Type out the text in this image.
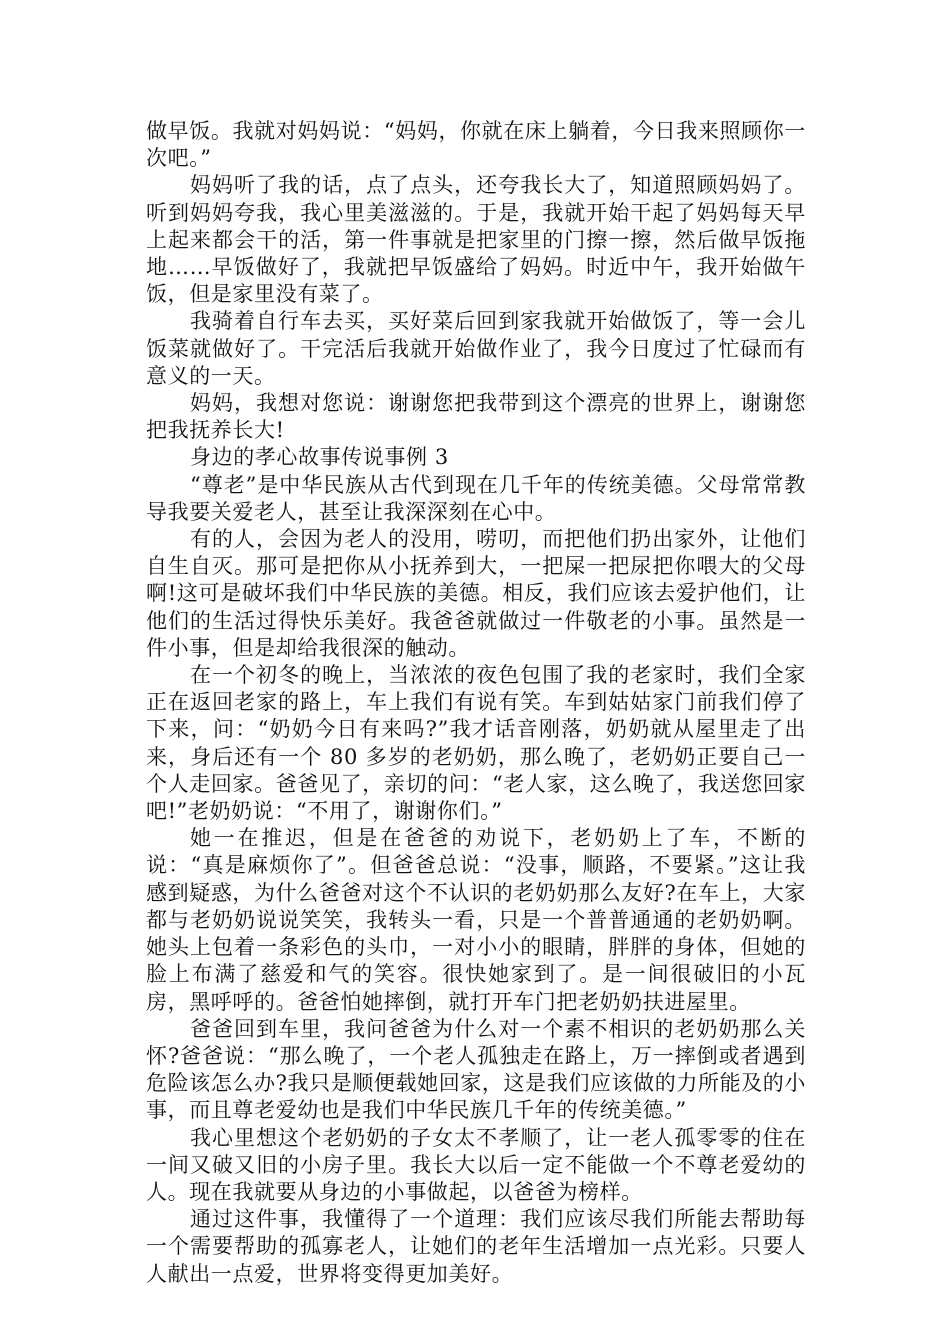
做早饭。我就对妈妈说：“妈妈，你就在床上躺着，今日我来照顾你一次吧。”

妈妈听了我的话，点了点头，还夸我长大了，知道照顾妈妈了。听到妈妈夸我，我心里美滋滋的。于是，我就开始干起了妈妈每天早上起来都会干的活，第一件事就是把家里的门擦一擦，然后做早饭拖地……早饭做好了，我就把早饭盛给了妈妈。时近中午，我开始做午饭，但是家里没有菜了。

我骑着自行车去买，买好菜后回到家我就开始做饭了，等一会儿饭菜就做好了。干完活后我就开始做作业了，我今日度过了忙碌而有意义的一天。

妈妈，我想对您说：谢谢您把我带到这个漂亮的世界上，谢谢您把我抚养长大!

身边的孝心故事传说事例 3

“尊老”是中华民族从古代到现在几千年的传统美德。父母常常教导我要关爱老人，甚至让我深深刻在心中。

有的人，会因为老人的没用，唠叨，而把他们扔出家外，让他们自生自灭。那可是把你从小抚养到大，一把屎一把尿把你喂大的父母啊!这可是破坏我们中华民族的美德。相反，我们应该去爱护他们，让他们的生活过得快乐美好。我爸爸就做过一件敬老的小事。虽然是一件小事，但是却给我很深的触动。

在一个初冬的晚上，当浓浓的夜色包围了我的老家时，我们全家正在返回老家的路上，车上我们有说有笑。车到姑姑家门前我们停了下来，问：“奶奶今日有来吗?”我才话音刚落，奶奶就从屋里走了出来，身后还有一个 80 多岁的老奶奶，那么晚了，老奶奶正要自己一个人走回家。爸爸见了，亲切的问：“老人家，这么晚了，我送您回家吧!”老奶奶说：“不用了，谢谢你们。”

她一在推迟，但是在爸爸的劝说下，老奶奶上了车，不断的说：“真是麻烦你了”。但爸爸总说：“没事，顺路，不要紧。”这让我感到疑惑，为什么爸爸对这个不认识的老奶奶那么友好?在车上，大家都与老奶奶说说笑笑，我转头一看，只是一个普普通通的老奶奶啊。她头上包着一条彩色的头巾，一对小小的眼睛，胖胖的身体，但她的脸上布满了慈爱和气的笑容。很快她家到了。是一间很破旧的小瓦房，黑呼呼的。爸爸怕她摔倒，就打开车门把老奶奶扶进屋里。

爸爸回到车里，我问爸爸为什么对一个素不相识的老奶奶那么关怀?爸爸说：“那么晚了，一个老人孤独走在路上，万一摔倒或者遇到危险该怎么办?我只是顺便载她回家，这是我们应该做的力所能及的小事，而且尊老爱幼也是我们中华民族几千年的传统美德。”

我心里想这个老奶奶的子女太不孝顺了，让一老人孤零零的住在一间又破又旧的小房子里。我长大以后一定不能做一个不尊老爱幼的人。现在我就要从身边的小事做起，以爸爸为榜样。

通过这件事，我懂得了一个道理：我们应该尽我们所能去帮助每一个需要帮助的孤寡老人，让她们的老年生活增加一点光彩。只要人人献出一点爱，世界将变得更加美好。
